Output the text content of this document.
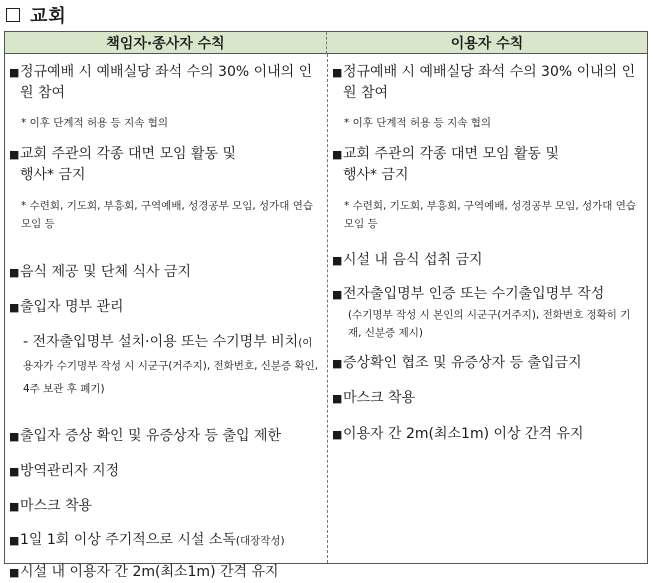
교회
책임자·종사자 수칙	이용자 수칙
■ 정규예배 시 예배실당 좌석 수의 30% 이내의 인원 참여
* 이후 단계적 허용 등 지속 협의
■ 교회 주관의 각종 대면 모임 활동 및 행사* 금지
* 수련회, 기도회, 부흥회, 구역예배, 성경공부 모임, 성가대 연습 모임 등
■ 음식 제공 및 단체 식사 금지
■ 출입자 명부 관리
- 전자출입명부 설치·이용 또는 수기명부 비치(이용자가 수기명부 작성 시 시군구(거주지), 전화번호, 신분증 확인, 4주 보관 후 폐기)
■ 출입자 증상 확인 및 유증상자 등 출입 제한
■ 방역관리자 지정
■ 마스크 착용
■ 1일 1회 이상 주기적으로 시설 소독(대장작성)
■ 시설 내 이용자 간 2m(최소1m) 간격 유지
■ 정규예배 시 예배실당 좌석 수의 30% 이내의 인원 참여
* 이후 단계적 허용 등 지속 협의
■ 교회 주관의 각종 대면 모임 활동 및 행사* 금지
* 수련회, 기도회, 부흥회, 구역예배, 성경공부 모임, 성가대 연습 모임 등
■ 시설 내 음식 섭취 금지
■ 전자출입명부 인증 또는 수기출입명부 작성
(수기명부 작성 시 본인의 시군구(거주지), 전화번호 정확히 기재, 신분증 제시)
■ 증상확인 협조 및 유증상자 등 출입금지
■ 마스크 착용
■ 이용자 간 2m(최소1m) 이상 간격 유지
